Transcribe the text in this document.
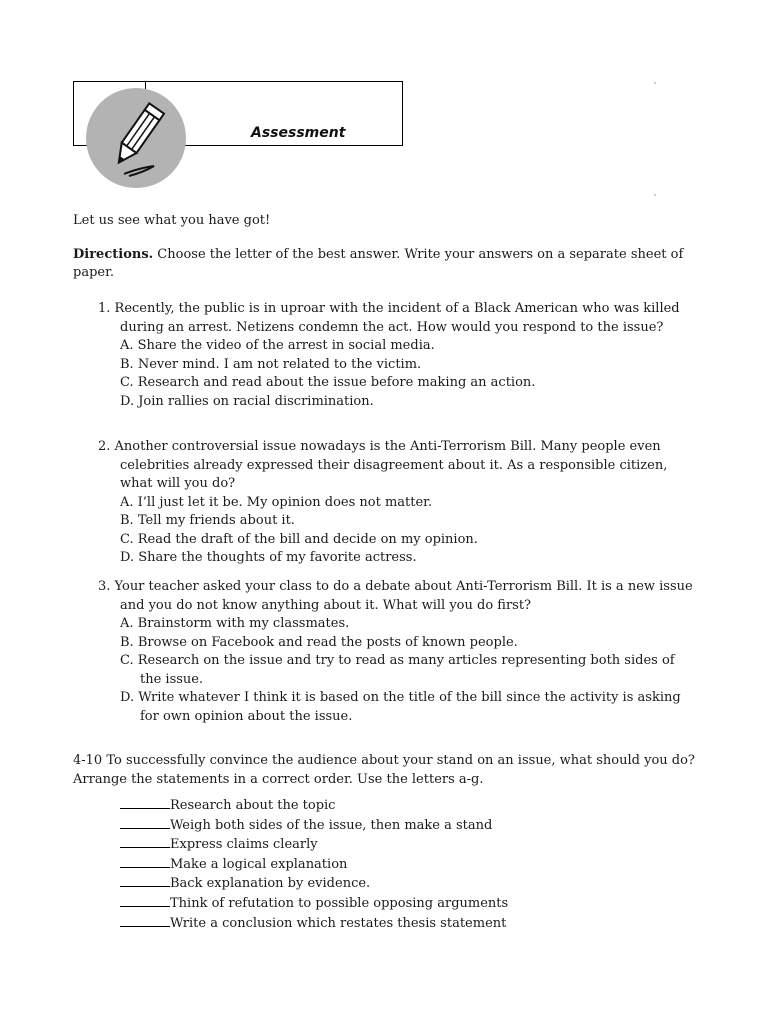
Assessment
Let us see what you have got!
Directions. Choose the letter of the best answer. Write your answers on a separate sheet of paper.
1. Recently, the public is in uproar with the incident of a Black American who was killed during an arrest. Netizens condemn the act. How would you respond to the issue?
A. Share the video of the arrest in social media.
B. Never mind. I am not related to the victim.
C. Research and read about the issue before making an action.
D. Join rallies on racial discrimination.
2. Another controversial issue nowadays is the Anti-Terrorism Bill. Many people even celebrities already expressed their disagreement about it. As a responsible citizen, what will you do?
A. I’ll just let it be. My opinion does not matter.
B. Tell my friends about it.
C. Read the draft of the bill and decide on my opinion.
D. Share the thoughts of my favorite actress.
3. Your teacher asked your class to do a debate about Anti-Terrorism Bill. It is a new issue and you do not know anything about it. What will you do first?
A. Brainstorm with my classmates.
B. Browse on Facebook and read the posts of known people.
C. Research on the issue and try to read as many articles representing both sides of the issue.
D. Write whatever I think it is based on the title of the bill since the activity is asking for own opinion about the issue.
4-10 To successfully convince the audience about your stand on an issue, what should you do? Arrange the statements in a correct order. Use the letters a-g.
Research about the topic
Weigh both sides of the issue, then make a stand
Express claims clearly
Make a logical explanation
Back explanation by evidence.
Think of refutation to possible opposing arguments
Write a conclusion which restates thesis statement
